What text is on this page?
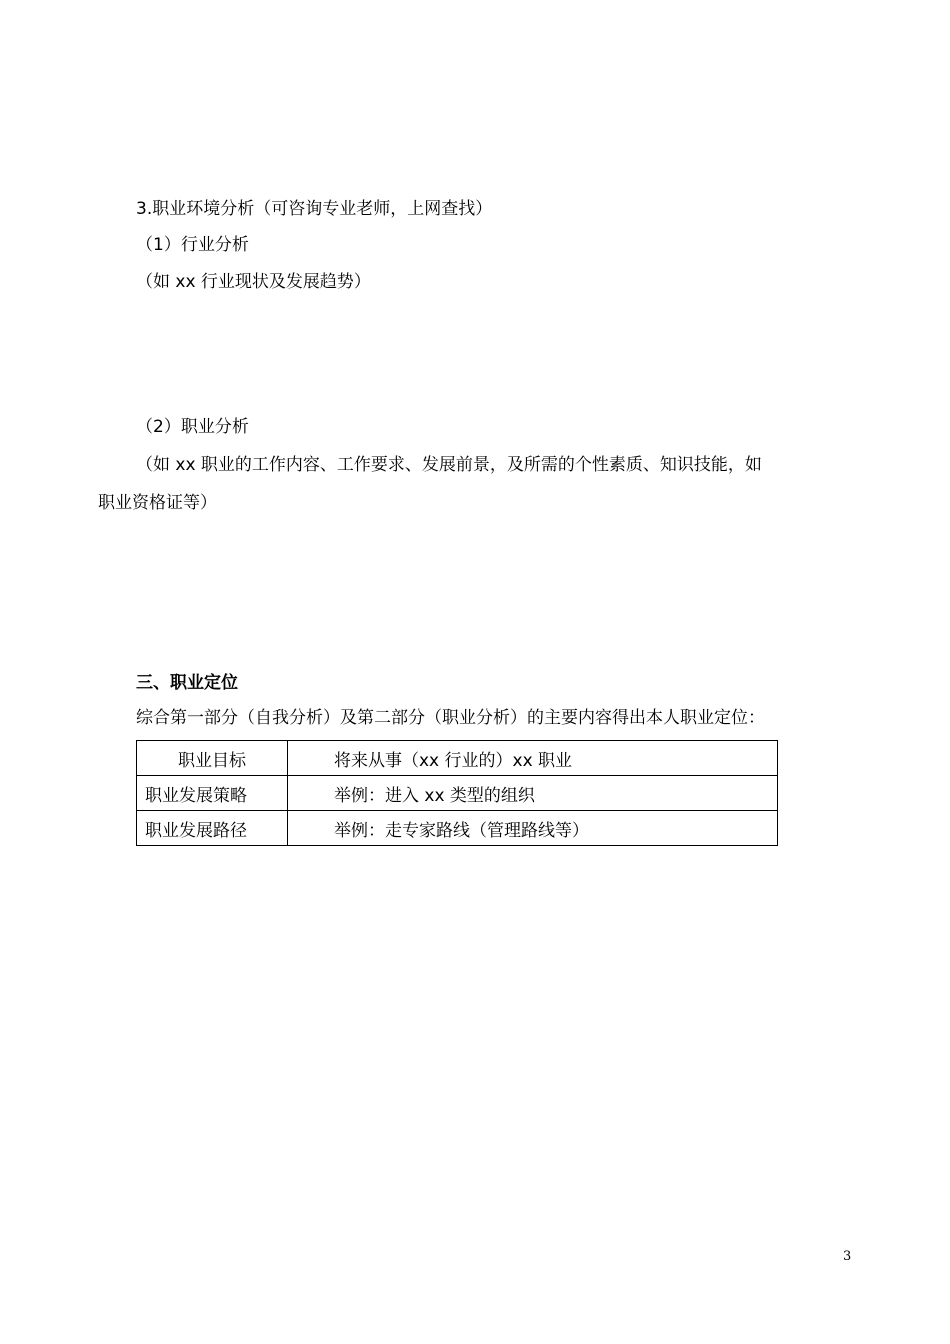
3.职业环境分析（可咨询专业老师，上网查找）
（1）行业分析
（如 xx 行业现状及发展趋势）
（2）职业分析
（如 xx 职业的工作内容、工作要求、发展前景，及所需的个性素质、知识技能，如
职业资格证等）
三、职业定位
综合第一部分（自我分析）及第二部分（职业分析）的主要内容得出本人职业定位：
职业目标	将来从事（xx 行业的）xx 职业
职业发展策略	举例：进入 xx 类型的组织
职业发展路径	举例：走专家路线（管理路线等）
3
